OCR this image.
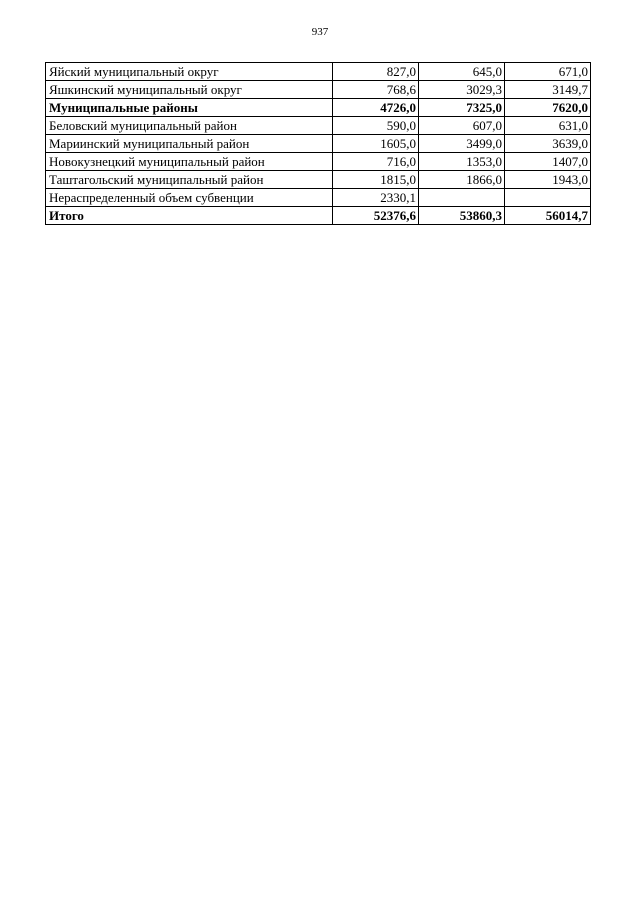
937
Яйский муниципальный округ	827,0	645,0	671,0
Яшкинский муниципальный округ	768,6	3029,3	3149,7
Муниципальные районы	4726,0	7325,0	7620,0
Беловский муниципальный район	590,0	607,0	631,0
Мариинский муниципальный район	1605,0	3499,0	3639,0
Новокузнецкий муниципальный район	716,0	1353,0	1407,0
Таштагольский муниципальный район	1815,0	1866,0	1943,0
Нераспределенный объем субвенции	2330,1		
Итого	52376,6	53860,3	56014,7
